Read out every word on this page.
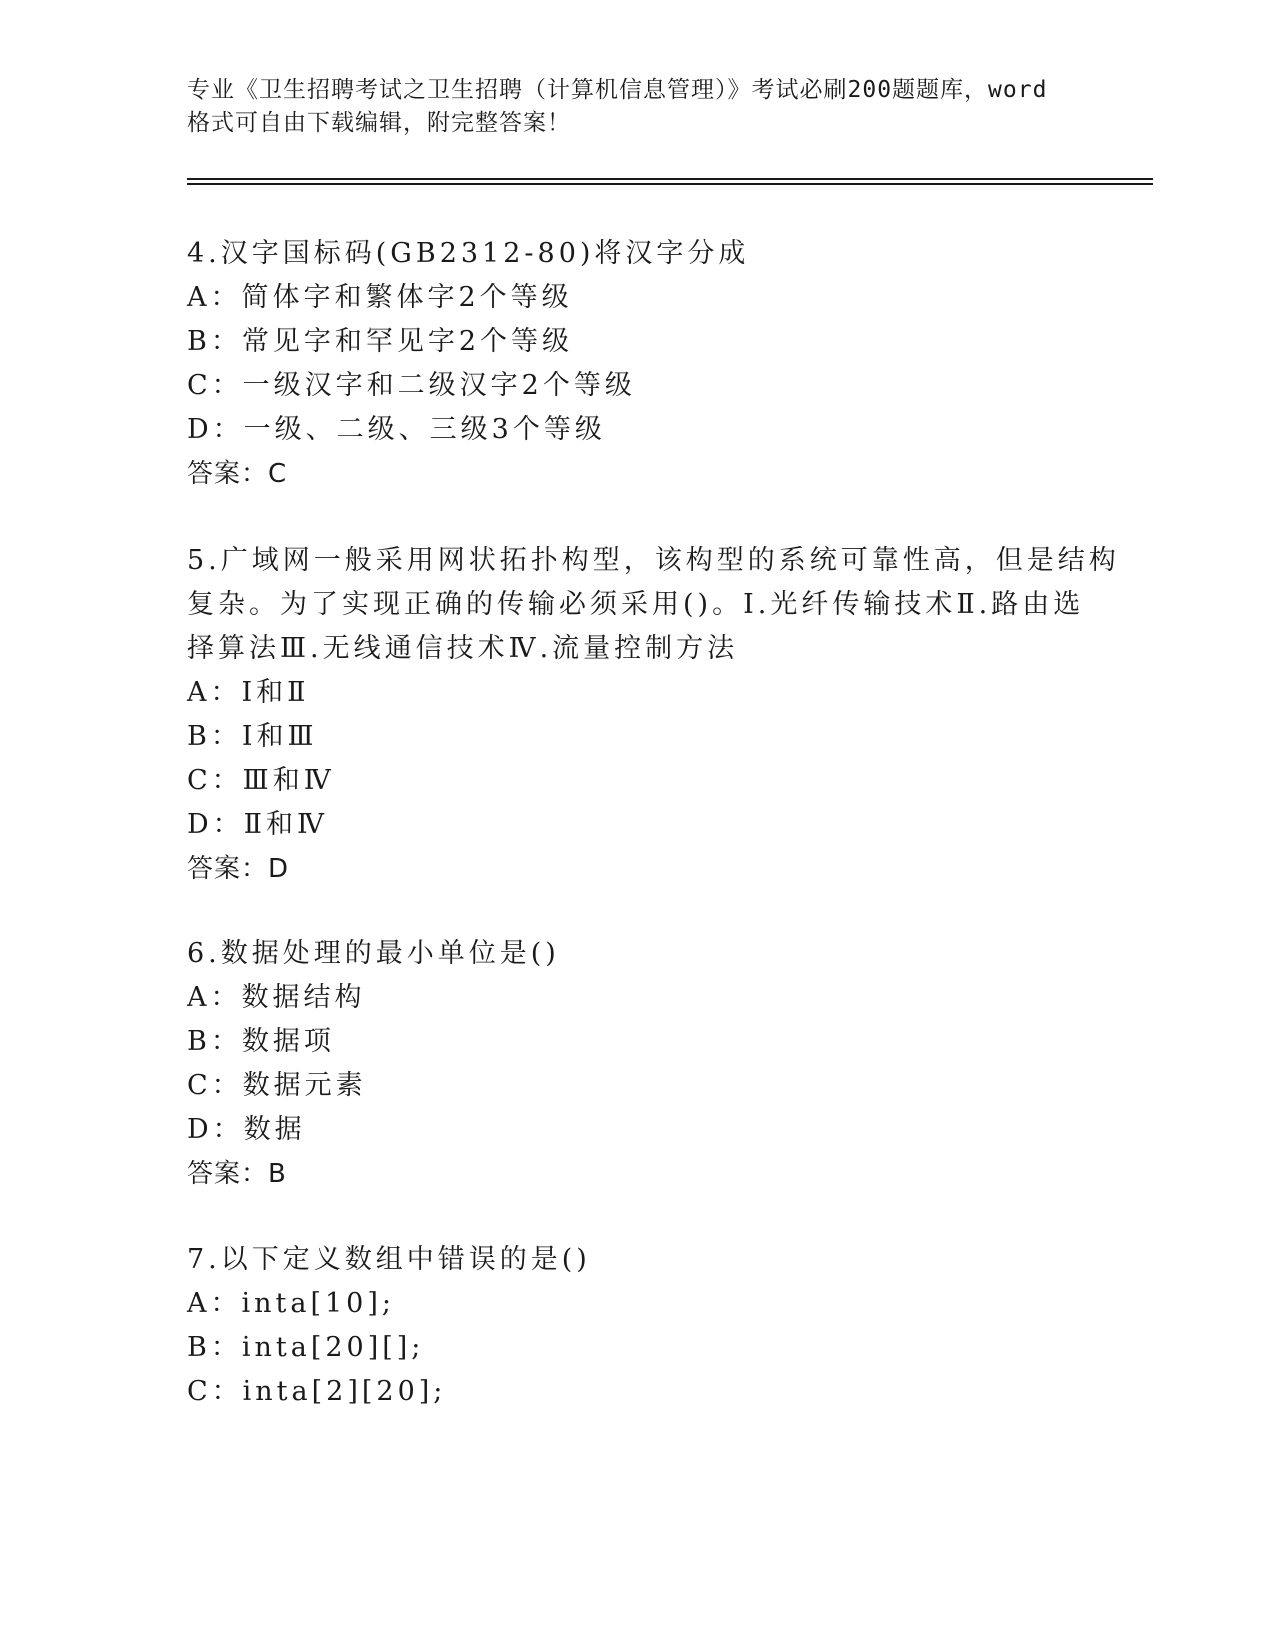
专业《卫生招聘考试之卫生招聘（计算机信息管理）》考试必刷200题题库，word
格式可自由下载编辑，附完整答案！
4.汉字国标码(GB2312-80)将汉字分成
A：简体字和繁体字2个等级
B：常见字和罕见字2个等级
C：一级汉字和二级汉字2个等级
D：一级、二级、三级3个等级
答案：C
5.广域网一般采用网状拓扑构型，该构型的系统可靠性高，但是结构
复杂。为了实现正确的传输必须采用()。Ⅰ.光纤传输技术Ⅱ.路由选
择算法Ⅲ.无线通信技术Ⅳ.流量控制方法
A：Ⅰ和Ⅱ
B：Ⅰ和Ⅲ
C：Ⅲ和Ⅳ
D：Ⅱ和Ⅳ
答案：D
6.数据处理的最小单位是()
A：数据结构
B：数据项
C：数据元素
D：数据
答案：B
7.以下定义数组中错误的是()
A：inta[10];
B：inta[20][];
C：inta[2][20];
